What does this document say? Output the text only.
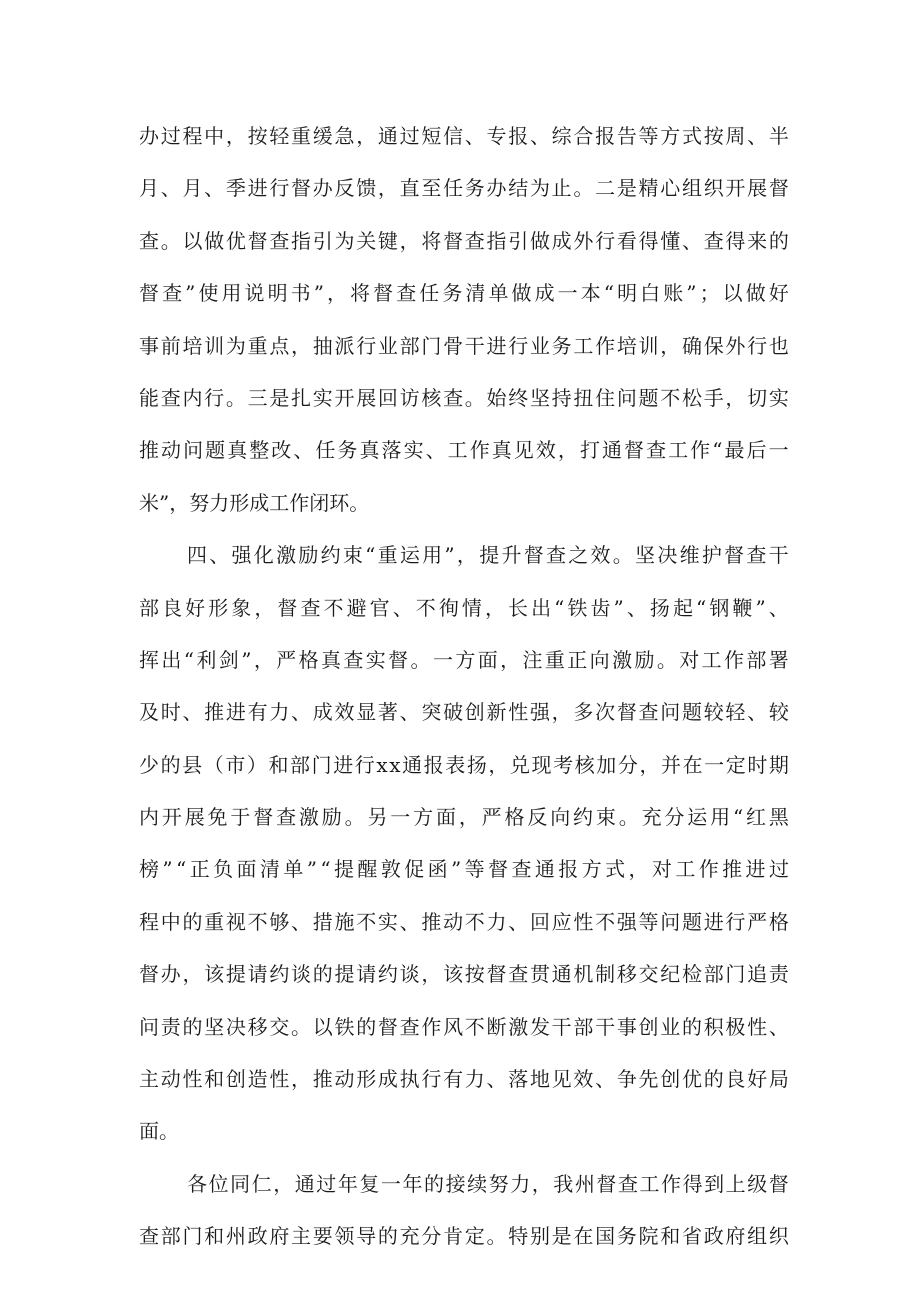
办 过 程 中 ， 按 轻 重 缓 急 ， 通 过 短 信 、 专 报 、 综 合 报 告 等 方 式 按 周 、 半
月 、 月 、 季 进 行 督 办 反 馈 ， 直 至 任 务 办 结 为 止 。 二 是 精 心 组 织 开 展 督
查 。 以 做 优 督 查 指 引 为 关 键 ， 将 督 查 指 引 做 成 外 行 看 得 懂 、 查 得 来 的
督 查 ” 使 用 说 明 书 ” ， 将 督 查 任 务 清 单 做 成 一 本 “ 明 白 账 ” ； 以 做 好
事 前 培 训 为 重 点 ， 抽 派 行 业 部 门 骨 干 进 行 业 务 工 作 培 训 ， 确 保 外 行 也
能 查 内 行 。 三 是 扎 实 开 展 回 访 核 查 。 始 终 坚 持 扭 住 问 题 不 松 手 ， 切 实
推 动 问 题 真 整 改 、 任 务 真 落 实 、 工 作 真 见 效 ， 打 通 督 查 工 作 “ 最 后 一
米”，努力形成工作闭环。
四 、 强 化 激 励 约 束 “ 重 运 用 ” ， 提 升 督 查 之 效 。 坚 决 维 护 督 查 干
部 良 好 形 象 ， 督 查 不 避 官 、 不 徇 情 ， 长 出 “ 铁 齿 ” 、 扬 起 “ 钢 鞭 ” 、
挥 出 “ 利 剑 ” ， 严 格 真 查 实 督 。 一 方 面 ， 注 重 正 向 激 励 。 对 工 作 部 署
及 时 、 推 进 有 力 、 成 效 显 著 、 突 破 创 新 性 强 ， 多 次 督 查 问 题 较 轻 、 较
少 的 县 （ 市 ） 和 部 门 进 行 x x 通 报 表 扬 ， 兑 现 考 核 加 分 ， 并 在 一 定 时 期
内 开 展 免 于 督 查 激 励 。 另 一 方 面 ， 严 格 反 向 约 束 。 充 分 运 用 “ 红 黑
榜 ” “ 正 负 面 清 单 ” “ 提 醒 敦 促 函 ” 等 督 查 通 报 方 式 ， 对 工 作 推 进 过
程 中 的 重 视 不 够 、 措 施 不 实 、 推 动 不 力 、 回 应 性 不 强 等 问 题 进 行 严 格
督 办 ， 该 提 请 约 谈 的 提 请 约 谈 ， 该 按 督 查 贯 通 机 制 移 交 纪 检 部 门 追 责
问 责 的 坚 决 移 交 。 以 铁 的 督 查 作 风 不 断 激 发 干 部 干 事 创 业 的 积 极 性 、
主 动 性 和 创 造 性 ， 推 动 形 成 执 行 有 力 、 落 地 见 效 、 争 先 创 优 的 良 好 局
面。
各 位 同 仁 ， 通 过 年 复 一 年 的 接 续 努 力 ， 我 州 督 查 工 作 得 到 上 级 督
查 部 门 和 州 政 府 主 要 领 导 的 充 分 肯 定 。 特 别 是 在 国 务 院 和 省 政 府 组 织
